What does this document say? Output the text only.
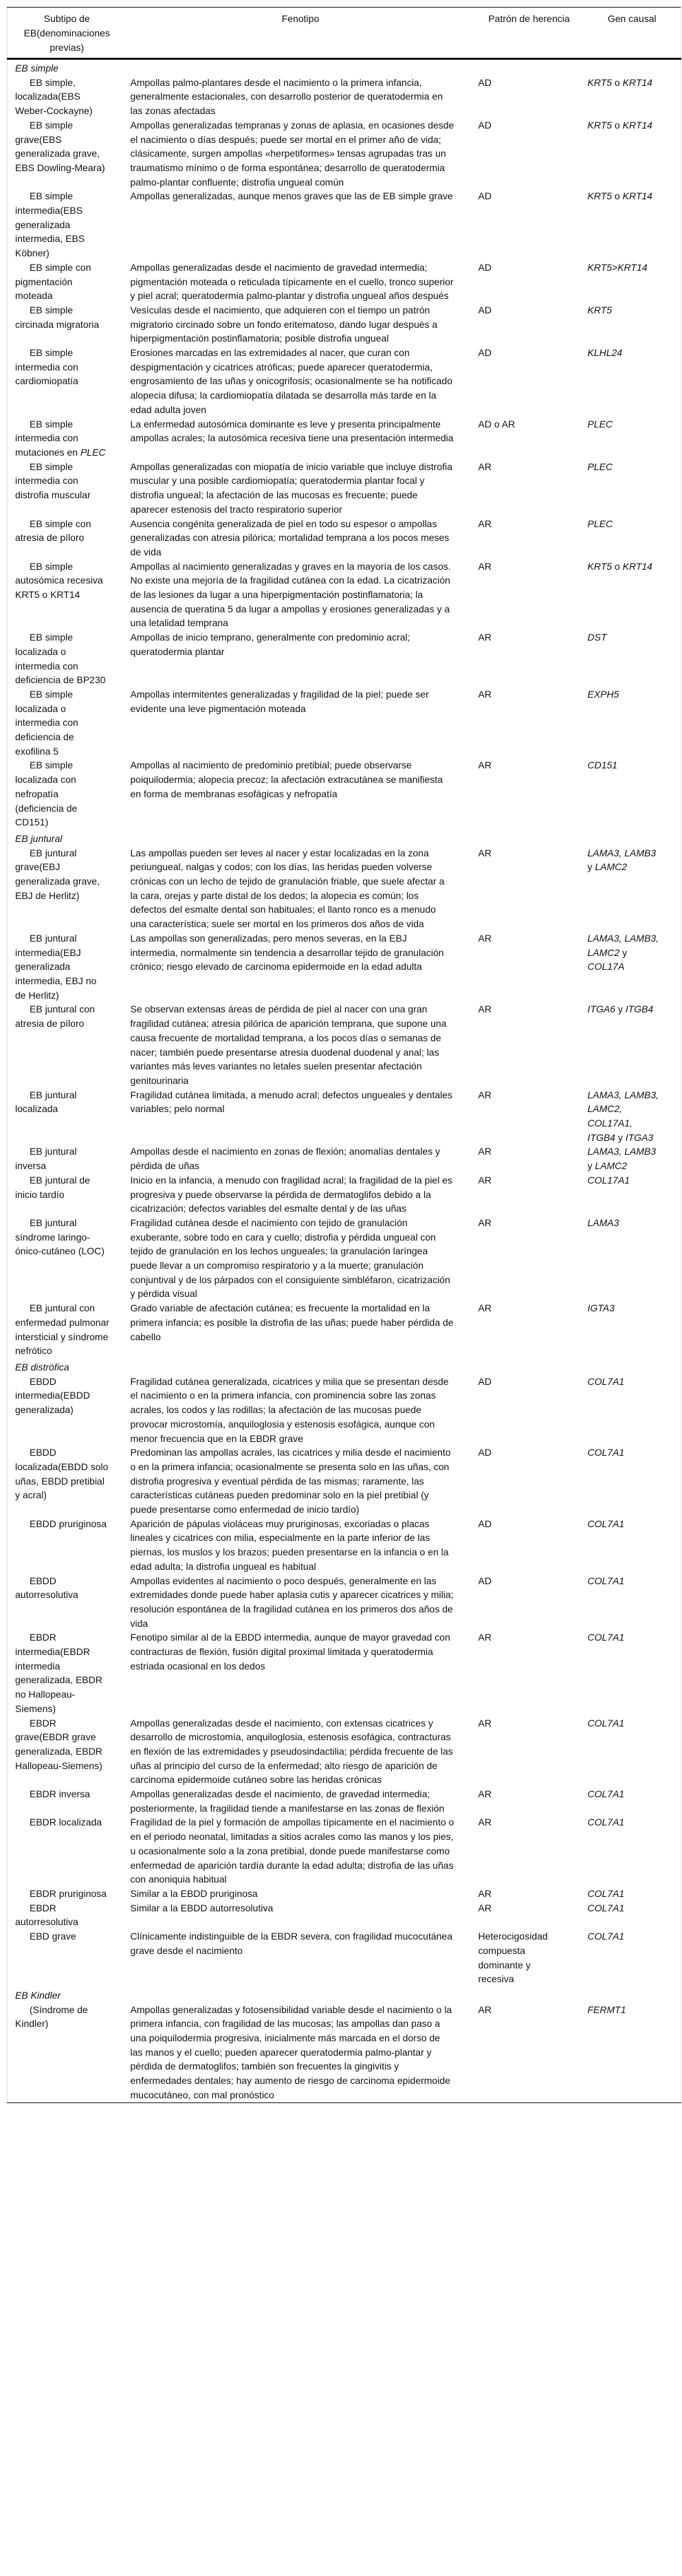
Subtipo de EB(denominaciones previas)	Fenotipo	Patrón de herencia	Gen causal
EB simple			
EB simple, localizada(EBS Weber-Cockayne)	Ampollas palmo-plantares desde el nacimiento o la primera infancia, generalmente estacionales, con desarrollo posterior de queratodermia en las zonas afectadas	AD	KRT5 o KRT14
EB simple grave(EBS generalizada grave, EBS Dowling-Meara)	Ampollas generalizadas tempranas y zonas de aplasia, en ocasiones desde el nacimiento o días después; puede ser mortal en el primer año de vida; clásicamente, surgen ampollas «herpetiformes» tensas agrupadas tras un traumatismo mínimo o de forma espontánea; desarrollo de queratodermia palmo-plantar confluente; distrofia ungueal común	AD	KRT5 o KRT14
EB simple intermedia(EBS generalizada intermedia, EBS Köbner)	Ampollas generalizadas, aunque menos graves que las de EB simple grave	AD	KRT5 o KRT14
EB simple con pigmentación moteada	Ampollas generalizadas desde el nacimiento de gravedad intermedia; pigmentación moteada o reticulada típicamente en el cuello, tronco superior y piel acral; queratodermia palmo-plantar y distrofia ungueal años después	AD	KRT5>KRT14
EB simple circinada migratoria	Vesículas desde el nacimiento, que adquieren con el tiempo un patrón migratorio circinado sobre un fondo eritematoso, dando lugar después a hiperpigmentación postinflamatoria; posible distrofia ungueal	AD	KRT5
EB simple intermedia con cardiomiopatía	Erosiones marcadas en las extremidades al nacer, que curan con despigmentación y cicatrices atróficas; puede aparecer queratodermia, engrosamiento de las uñas y onicogrifosis; ocasionalmente se ha notificado alopecia difusa; la cardiomiopatía dilatada se desarrolla más tarde en la edad adulta joven	AD	KLHL24
EB simple intermedia con mutaciones en PLEC	La enfermedad autosómica dominante es leve y presenta principalmente ampollas acrales; la autosómica recesiva tiene una presentación intermedia	AD o AR	PLEC
EB simple intermedia con distrofia muscular	Ampollas generalizadas con miopatía de inicio variable que incluye distrofia muscular y una posible cardiomiopatía; queratodermia plantar focal y distrofia ungueal; la afectación de las mucosas es frecuente; puede aparecer estenosis del tracto respiratorio superior	AR	PLEC
EB simple con atresia de píloro	Ausencia congénita generalizada de piel en todo su espesor o ampollas generalizadas con atresia pilórica; mortalidad temprana a los pocos meses de vida	AR	PLEC
EB simple autosómica recesiva KRT5 o KRT14	Ampollas al nacimiento generalizadas y graves en la mayoría de los casos. No existe una mejoría de la fragilidad cutánea con la edad. La cicatrización de las lesiones da lugar a una hiperpigmentación postinflamatoria; la ausencia de queratina 5 da lugar a ampollas y erosiones generalizadas y a una letalidad temprana	AR	KRT5 o KRT14
EB simple localizada o intermedia con deficiencia de BP230	Ampollas de inicio temprano, generalmente con predominio acral; queratodermia plantar	AR	DST
EB simple localizada o intermedia con deficiencia de exofilina 5	Ampollas intermitentes generalizadas y fragilidad de la piel; puede ser evidente una leve pigmentación moteada	AR	EXPH5
EB simple localizada con nefropatía (deficiencia de CD151)	Ampollas al nacimiento de predominio pretibial; puede observarse poiquilodermia; alopecia precoz; la afectación extracutánea se manifiesta en forma de membranas esofágicas y nefropatía	AR	CD151
EB juntural			
EB juntural grave(EBJ generalizada grave, EBJ de Herlitz)	Las ampollas pueden ser leves al nacer y estar localizadas en la zona periungueal, nalgas y codos; con los días, las heridas pueden volverse crónicas con un lecho de tejido de granulación friable, que suele afectar a la cara, orejas y parte distal de los dedos; la alopecia es común; los defectos del esmalte dental son habituales; el llanto ronco es a menudo una característica; suele ser mortal en los primeros dos años de vida	AR	LAMA3, LAMB3 y LAMC2
EB juntural intermedia(EBJ generalizada intermedia, EBJ no de Herlitz)	Las ampollas son generalizadas, pero menos severas, en la EBJ intermedia, normalmente sin tendencia a desarrollar tejido de granulación crónico; riesgo elevado de carcinoma epidermoide en la edad adulta	AR	LAMA3, LAMB3, LAMC2 y COL17A
EB juntural con atresia de píloro	Se observan extensas áreas de pérdida de piel al nacer con una gran fragilidad cutánea; atresia pilórica de aparición temprana, que supone una causa frecuente de mortalidad temprana, a los pocos días o semanas de nacer; también puede presentarse atresia duodenal duodenal y anal; las variantes más leves variantes no letales suelen presentar afectación genitourinaria	AR	ITGA6 y ITGB4
EB juntural localizada	Fragilidad cutánea limitada, a menudo acral; defectos ungueales y dentales variables; pelo normal	AR	LAMA3, LAMB3, LAMC2, COL17A1, ITGB4 y ITGA3
EB juntural inversa	Ampollas desde el nacimiento en zonas de flexión; anomalías dentales y pérdida de uñas	AR	LAMA3, LAMB3 y LAMC2
EB juntural de inicio tardío	Inicio en la infancia, a menudo con fragilidad acral; la fragilidad de la piel es progresiva y puede observarse la pérdida de dermatoglifos debido a la cicatrización; defectos variables del esmalte dental y de las uñas	AR	COL17A1
EB juntural síndrome laringo-ónico-cutáneo (LOC)	Fragilidad cutánea desde el nacimiento con tejido de granulación exuberante, sobre todo en cara y cuello; distrofia y pérdida ungueal con tejido de granulación en los lechos ungueales; la granulación laríngea puede llevar a un compromiso respiratorio y a la muerte; granulación conjuntival y de los párpados con el consiguiente simbléfaron, cicatrización y pérdida visual	AR	LAMA3
EB juntural con enfermedad pulmonar intersticial y síndrome nefrótico	Grado variable de afectación cutánea; es frecuente la mortalidad en la primera infancia; es posible la distrofia de las uñas; puede haber pérdida de cabello	AR	IGTA3
EB distrófica			
EBDD intermedia(EBDD generalizada)	Fragilidad cutánea generalizada, cicatrices y milia que se presentan desde el nacimiento o en la primera infancia, con prominencia sobre las zonas acrales, los codos y las rodillas; la afectación de las mucosas puede provocar microstomía, anquiloglosia y estenosis esofágica, aunque con menor frecuencia que en la EBDR grave	AD	COL7A1
EBDD localizada(EBDD solo uñas, EBDD pretibial y acral)	Predominan las ampollas acrales, las cicatrices y milia desde el nacimiento o en la primera infancia; ocasionalmente se presenta solo en las uñas, con distrofia progresiva y eventual pérdida de las mismas; raramente, las características cutáneas pueden predominar solo en la piel pretibial (y puede presentarse como enfermedad de inicio tardío)	AD	COL7A1
EBDD pruriginosa	Aparición de pápulas violáceas muy pruriginosas, excoriadas o placas lineales y cicatrices con milia, especialmente en la parte inferior de las piernas, los muslos y los brazos; pueden presentarse en la infancia o en la edad adulta; la distrofia ungueal es habitual	AD	COL7A1
EBDD autorresolutiva	Ampollas evidentes al nacimiento o poco después, generalmente en las extremidades donde puede haber aplasia cutis y aparecer cicatrices y milia; resolución espontánea de la fragilidad cutánea en los primeros dos años de vida	AD	COL7A1
EBDR intermedia(EBDR intermedia generalizada, EBDR no Hallopeau-Siemens)	Fenotipo similar al de la EBDD intermedia, aunque de mayor gravedad con contracturas de flexión, fusión digital proximal limitada y queratodermia estriada ocasional en los dedos	AR	COL7A1
EBDR grave(EBDR grave generalizada, EBDR Hallopeau-Siemens)	Ampollas generalizadas desde el nacimiento, con extensas cicatrices y desarrollo de microstomía, anquiloglosia, estenosis esofágica, contracturas en flexión de las extremidades y pseudosindactilia; pérdida frecuente de las uñas al principio del curso de la enfermedad; alto riesgo de aparición de carcinoma epidermoide cutáneo sobre las heridas crónicas	AR	COL7A1
EBDR inversa	Ampollas generalizadas desde el nacimiento, de gravedad intermedia; posteriormente, la fragilidad tiende a manifestarse en las zonas de flexión	AR	COL7A1
EBDR localizada	Fragilidad de la piel y formación de ampollas típicamente en el nacimiento o en el periodo neonatal, limitadas a sitios acrales como las manos y los pies, u ocasionalmente solo a la zona pretibial, donde puede manifestarse como enfermedad de aparición tardía durante la edad adulta; distrofia de las uñas con anoniquia habitual	AR	COL7A1
EBDR pruriginosa	Similar a la EBDD pruriginosa	AR	COL7A1
EBDR autorresolutiva	Similar a la EBDD autorresolutiva	AR	COL7A1
EBD grave	Clínicamente indistinguible de la EBDR severa, con fragilidad mucocutánea grave desde el nacimiento	Heterocigosidad compuesta dominante y recesiva	COL7A1
EB Kindler			
(Síndrome de Kindler)	Ampollas generalizadas y fotosensibilidad variable desde el nacimiento o la primera infancia, con fragilidad de las mucosas; las ampollas dan paso a una poiquilodermia progresiva, inicialmente más marcada en el dorso de las manos y el cuello; pueden aparecer queratodermia palmo-plantar y pérdida de dermatoglifos; también son frecuentes la gingivitis y enfermedades dentales; hay aumento de riesgo de carcinoma epidermoide mucocutáneo, con mal pronóstico	AR	FERMT1
